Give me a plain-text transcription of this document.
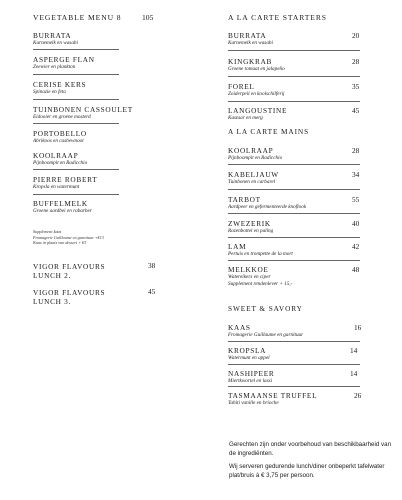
VEGETABLE MENU 8	105
BURRATA
Karnemelk en wasabi
ASPERGE FLAN
Zeewier en plankton
CERISE KERS
Spinazie en feta
TUINBONEN CASSOULET
Eidooier en groene mosterd
PORTOBELLO
Abrikoos en cashewnoot
KOOLRAAP
Pijnboompit en Radicchio
PIERRE ROBERT
Kropsla en watermunt
BUFFELMELK
Groene aardbei en rabarber
Supplement kaas
Fromagerie Guillaume en garnituur +€13
Kaas in plaats van dessert + €3
VIGOR FLAVOURS
LUNCH 2.
38
VIGOR FLAVOURS
LUNCH 3.
45
A LA CARTE STARTERS
BURRATA
Karnemelk en wasabi
20
KINGKRAB
Groene tomaat en jalapeño
28
FOREL
Zoiderpeil en koolschilferij
35
LANGOUSTINE
Kastaar en merg
45
A LA CARTE MAINS
KOOLRAAP
Pijnboompit en Radicchio
28
KABELJAUW
Tuinbonen en carbarel
34
TARBOT
Aardpeer en gefermenteerde knoflook
55
ZWEZERIK
Rozenbottel en paling
40
LAM
Pertuis en trompette de la mort
42
MELKKOE
Watereikers en ciper
Supplement rendenlever + 15,-
48
SWEET & SAVORY
KAAS
Fromagerie Guillaume en garnituur
16
KROPSLA
Watermunt en appel
14
NASHIPEER
Miertkwortel en lassi
14
TASMAANSE TRUFFEL
Tahiti vanille en brioche
26

Gerechten zijn onder voorbehoud van beschikbaarheid van de ingrediënten.

Wij serveren gedurende lunch/diner onbeperkt tafelwater plat/bruis à € 3,75 per persoon.
